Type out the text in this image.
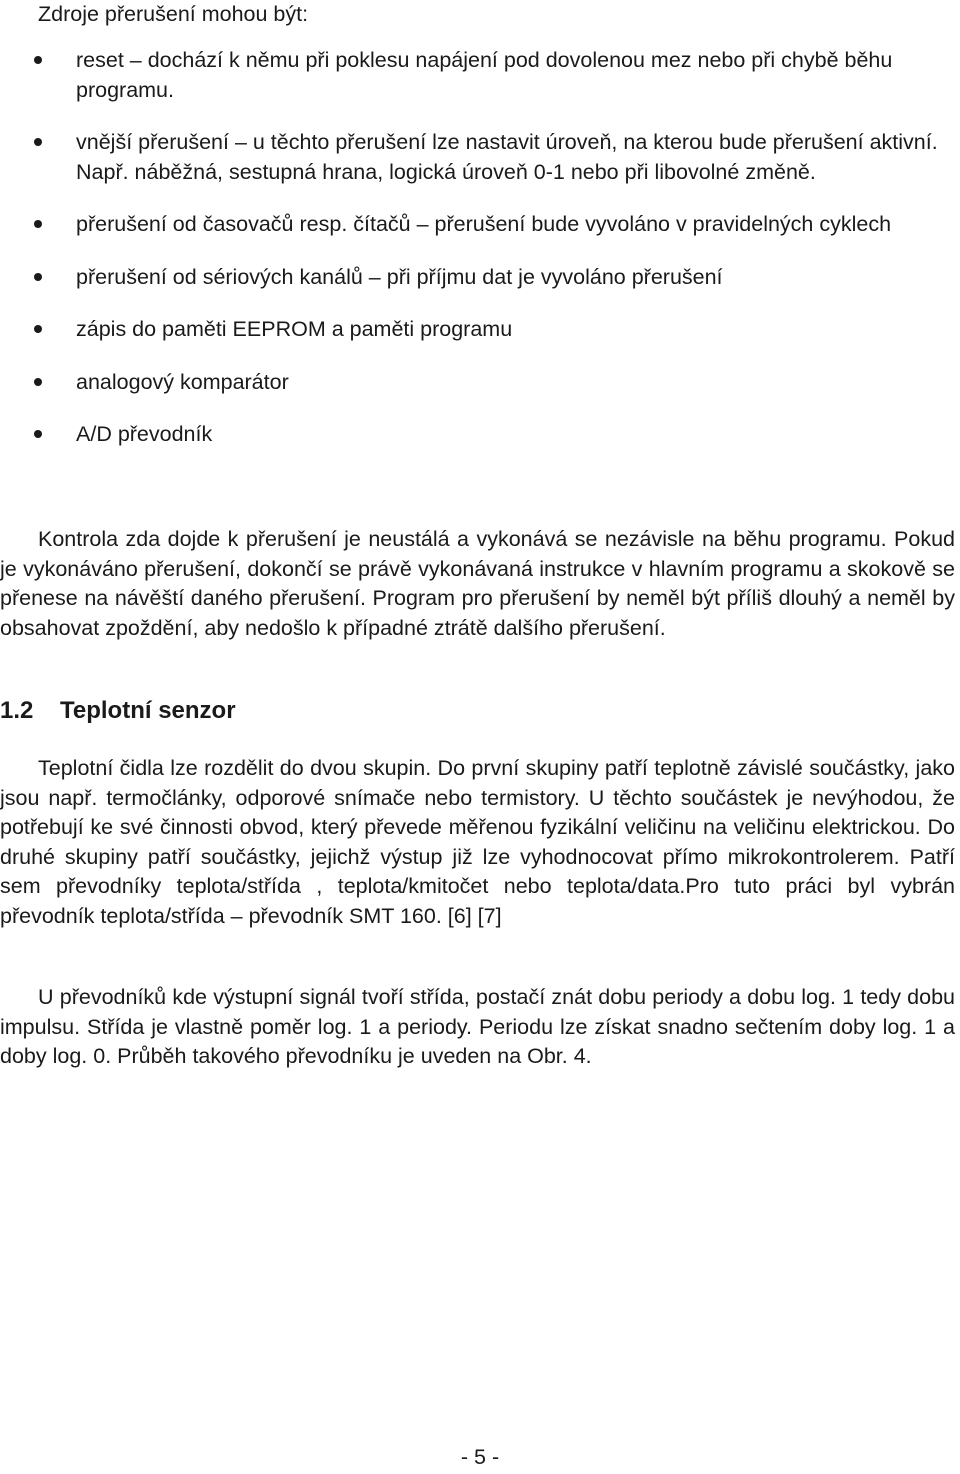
Zdroje přerušení mohou být:

reset – dochází k němu při poklesu napájení pod dovolenou mez nebo při chybě běhu programu.
vnější přerušení – u těchto přerušení lze nastavit úroveň, na kterou bude přerušení aktivní. Např. náběžná, sestupná hrana, logická úroveň 0-1 nebo při libovolné změně.
přerušení od časovačů resp. čítačů – přerušení bude vyvoláno v pravidelných cyklech
přerušení od sériových kanálů – při příjmu dat je vyvoláno přerušení
zápis do paměti EEPROM a paměti programu
analogový komparátor
A/D převodník

Kontrola zda dojde k přerušení je neustálá a vykonává se nezávisle na běhu programu. Pokud je vykonáváno přerušení, dokončí se právě vykonávaná instrukce v hlavním programu a skokově se přenese na návěští daného přerušení. Program pro přerušení by neměl být příliš dlouhý a neměl by obsahovat zpoždění, aby nedošlo k případné ztrátě dalšího přerušení.

1.2 Teplotní senzor

Teplotní čidla lze rozdělit do dvou skupin. Do první skupiny patří teplotně závislé součástky, jako jsou např. termočlánky, odporové snímače nebo termistory. U těchto součástek je nevýhodou, že potřebují ke své činnosti obvod, který převede měřenou fyzikální veličinu na veličinu elektrickou. Do druhé skupiny patří součástky, jejichž výstup již lze vyhodnocovat přímo mikrokontrolerem. Patří sem převodníky teplota/střída , teplota/kmitočet nebo teplota/data.Pro tuto práci byl vybrán převodník teplota/střída – převodník SMT 160. [6] [7]

U převodníků kde výstupní signál tvoří střída, postačí znát dobu periody a dobu log. 1 tedy dobu impulsu. Střída je vlastně poměr log. 1 a periody. Periodu lze získat snadno sečtením doby log. 1 a doby log. 0. Průběh takového převodníku je uveden na Obr. 4.

- 5 -
